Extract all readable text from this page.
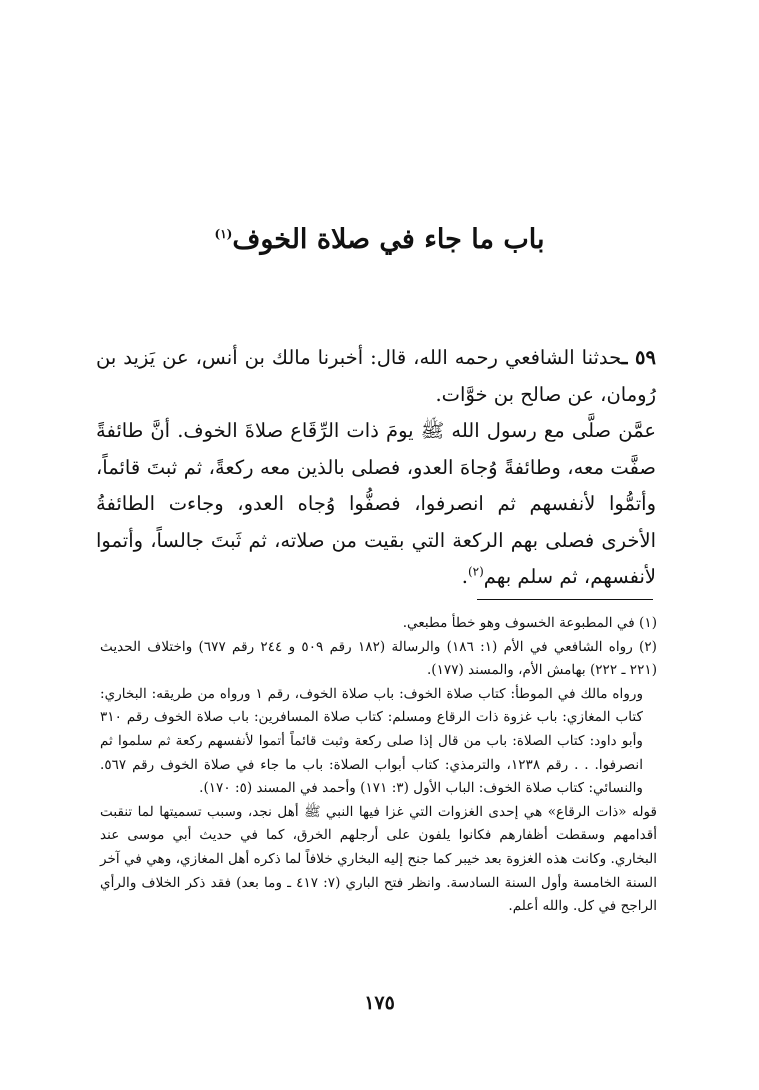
باب ما جاء في صلاة الخوف$^{(١)}$

٥٩ ـحدثنا الشافعي رحمه الله، قال: أخبرنا مالك بن أنس، عن يَزيد بن رُومان، عن صالح بن خوَّات.

عمَّن صلَّى مع رسول الله ﷺ يومَ ذات الرِّقَاع صلاةَ الخوف. أنَّ طائفةً صفَّت معه، وطائفةً وُجاهَ العدو، فصلى بالذين معه ركعةً، ثم ثبتَ قائماً، وأتمُّوا لأنفسهم ثم انصرفوا، فصفُّوا وُجاه العدو، وجاءت الطائفةُ الأخرى فصلى بهم الركعة التي بقيت من صلاته، ثم ثَبتَ جالساً، وأتموا لأنفسهم، ثم سلم بهم$^{(٢)}$.

(١) في المطبوعة الخسوف وهو خطأ مطبعي.

(٢) رواه الشافعي في الأم (١: ١٨٦) والرسالة (١٨٢ رقم ٥٠٩ و ٢٤٤ رقم ٦٧٧) واختلاف الحديث (٢٢١ ـ ٢٢٢) بهامش الأم، والمسند (١٧٧).

ورواه مالك في الموطأ: كتاب صلاة الخوف: باب صلاة الخوف، رقم ١ ورواه من طريقه: البخاري: كتاب المغازي: باب غزوة ذات الرقاع ومسلم: كتاب صلاة المسافرين: باب صلاة الخوف رقم ٣١٠ وأبو داود: كتاب الصلاة: باب من قال إذا صلى ركعة وثبت قائماً أتموا لأنفسهم ركعة ثم سلموا ثم انصرفوا. . . رقم ١٢٣٨، والترمذي: كتاب أبواب الصلاة: باب ما جاء في صلاة الخوف رقم ٥٦٧. والنسائي: كتاب صلاة الخوف: الباب الأول (٣: ١٧١) وأحمد في المسند (٥: ١٧٠).

قوله «ذات الرقاع» هي إحدى الغزوات التي غزا فيها النبي ﷺ أهل نجد، وسبب تسميتها لما تنقبت أقدامهم وسقطت أظفارهم فكانوا يلفون على أرجلهم الخرق، كما في حديث أبي موسى عند البخاري. وكانت هذه الغزوة بعد خيبر كما جنح إليه البخاري خلافاً لما ذكره أهل المغازي، وهي في آخر السنة الخامسة وأول السنة السادسة. وانظر فتح الباري (٧: ٤١٧ ـ وما بعد) فقد ذكر الخلاف والرأي الراجح في كل. والله أعلم.

١٧٥
